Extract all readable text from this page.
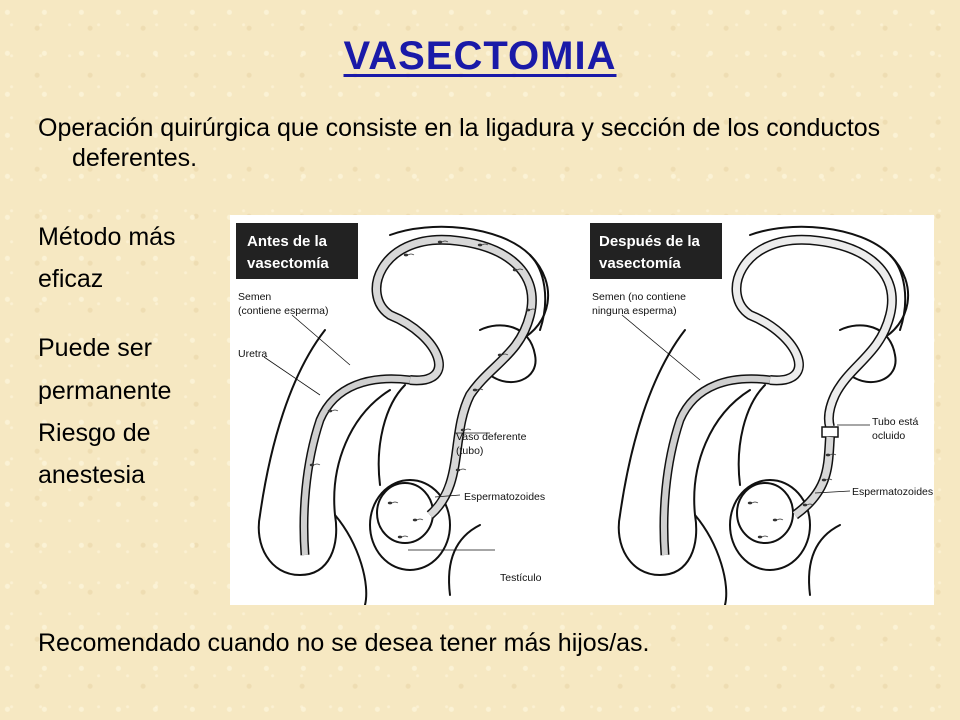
VASECTOMIA

Operación quirúrgica que consiste en la ligadura y sección de los conductos deferentes.

Método más
eficaz
Puede ser
permanente
Riesgo de
anestesia
Antes de la
vasectomía
Semen
(contiene esperma)
Uretra
Vaso deferente
(tubo)
Espermatozoides
Testículo
Después de la
vasectomía
Semen (no contiene
ninguna esperma)
Tubo está
ocluido
Espermatozoides
Recomendado cuando no se desea tener más hijos/as.
